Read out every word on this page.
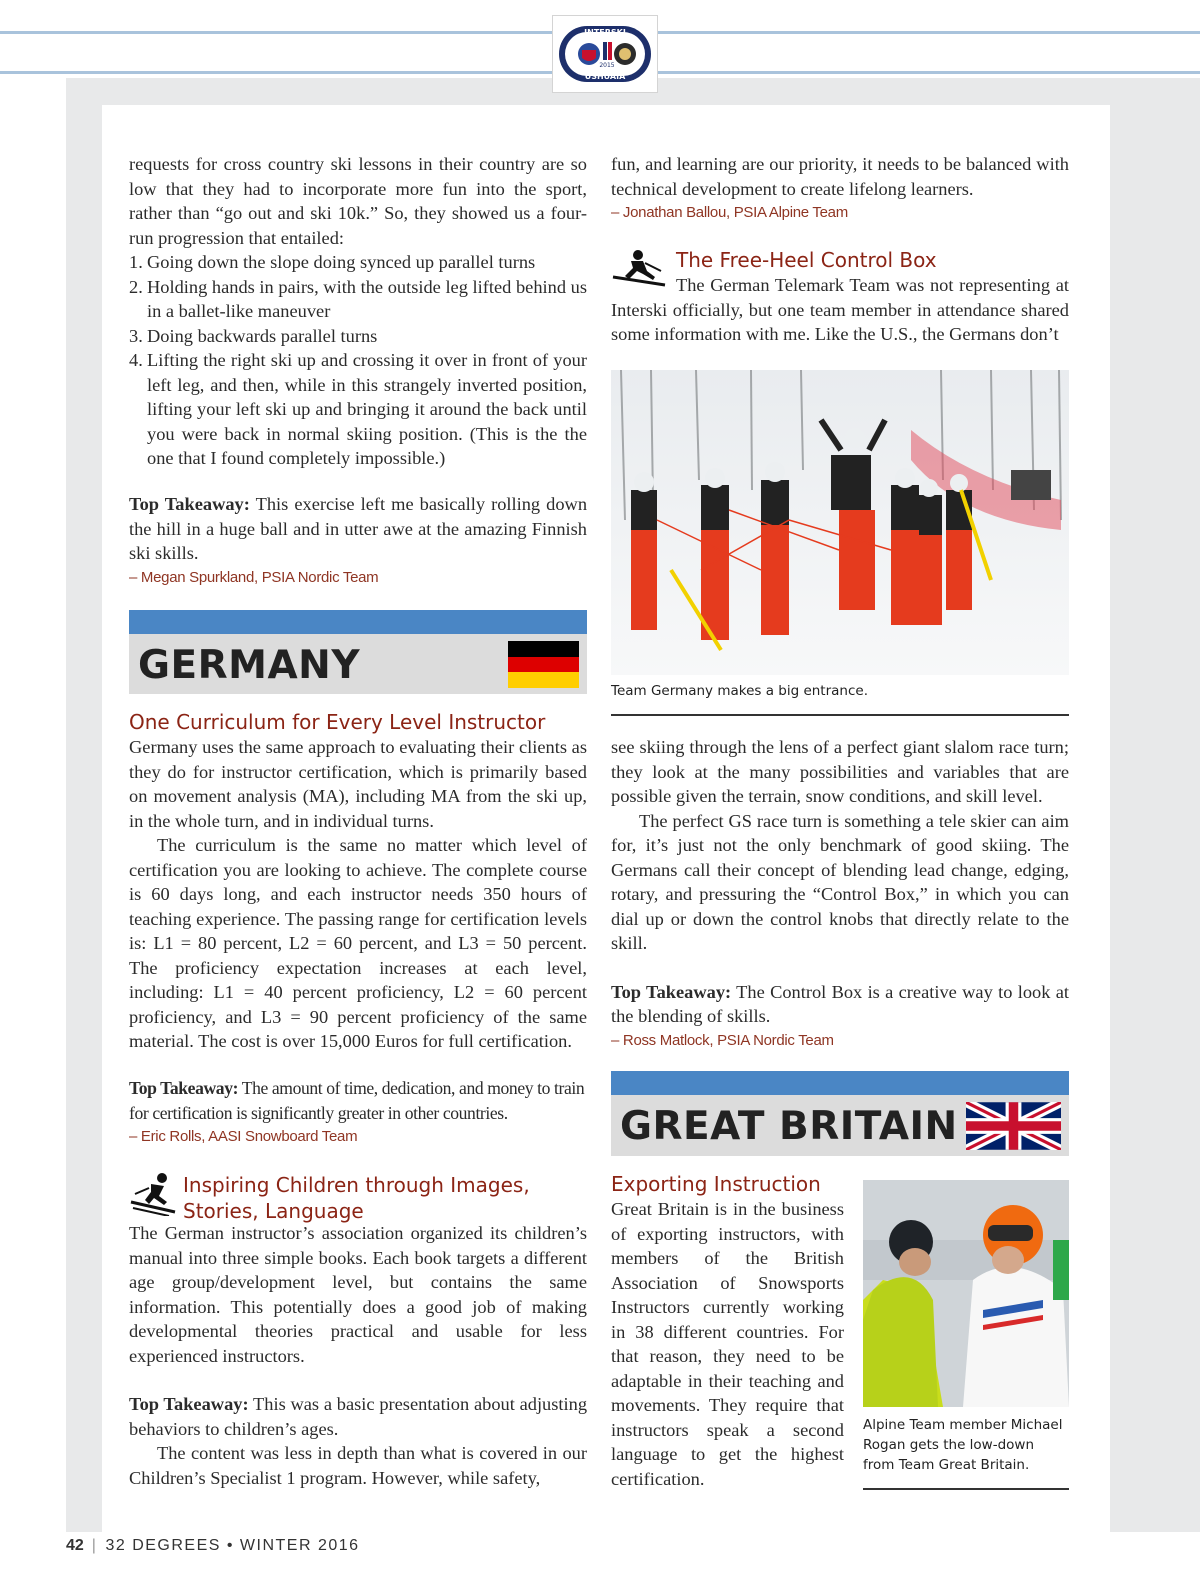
INTERSKI
USHUAIA
2015

requests for cross country ski lessons in their country are so low that they had to incorporate more fun into the sport, rather than “go out and ski 10k.” So, they showed us a four-run progression that entailed:

1. Going down the slope doing synced up parallel turns
2. Holding hands in pairs, with the outside leg lifted behind us in a ballet-like maneuver
3. Doing backwards parallel turns
4. Lifting the right ski up and crossing it over in front of your left leg, and then, while in this strangely inverted position, lifting your left ski up and bringing it around the back until you were back in normal skiing position. (This is the the one that I found completely impossible.)

Top Takeaway: This exercise left me basically rolling down the hill in a huge ball and in utter awe at the amazing Finnish ski skills.

– Megan Spurkland, PSIA Nordic Team
GERMANY
One Curriculum for Every Level Instructor

Germany uses the same approach to evaluating their clients as they do for instructor certification, which is primarily based on movement analysis (MA), including MA from the ski up, in the whole turn, and in individual turns.

The curriculum is the same no matter which level of certification you are looking to achieve. The complete course is 60 days long, and each instructor needs 350 hours of teaching experience. The passing range for certification levels is: L1 = 80 percent, L2 = 60 percent, and L3 = 50 percent. The proficiency expectation increases at each level, including: L1 = 40 percent proficiency, L2 = 60 percent proficiency, and L3 = 90 percent proficiency of the same material. The cost is over 15,000 Euros for full certification.

Top Takeaway: The amount of time, dedication, and money to train for certification is significantly greater in other countries.

– Eric Rolls, AASI Snowboard Team
Inspiring Children through Images,
Stories, Language

The German instructor’s association organized its children’s manual into three simple books. Each book targets a different age group/development level, but contains the same information. This potentially does a good job of making developmental theories practical and usable for less experienced instructors.

Top Takeaway: This was a basic presentation about adjusting behaviors to children’s ages.

The content was less in depth than what is covered in our Children’s Specialist 1 program. However, while safety,

fun, and learning are our priority, it needs to be balanced with technical development to create lifelong learners.

– Jonathan Ballou, PSIA Alpine Team
The Free-Heel Control Box

The German Telemark Team was not representing at Interski officially, but one team member in attendance shared some information with me. Like the U.S., the Germans don’t

Team Germany makes a big entrance.

see skiing through the lens of a perfect giant slalom race turn; they look at the many possibilities and variables that are possible given the terrain, snow conditions, and skill level.

The perfect GS race turn is something a tele skier can aim for, it’s just not the only benchmark of good skiing. The Germans call their concept of blending lead change, edging, rotary, and pressuring the “Control Box,” in which you can dial up or down the control knobs that directly relate to the skill.

Top Takeaway: The Control Box is a creative way to look at the blending of skills.

– Ross Matlock, PSIA Nordic Team
GREAT BRITAIN
Exporting Instruction

Great Britain is in the business of exporting instructors, with members of the British Association of Snowsports Instructors currently working in 38 different countries. For that reason, they need to be adaptable in their teaching and movements. They require that instructors speak a second language to get the highest certification.

Alpine Team member Michael Rogan gets the low-down from Team Great Britain.
42 | 32 DEGREES • WINTER 2016
